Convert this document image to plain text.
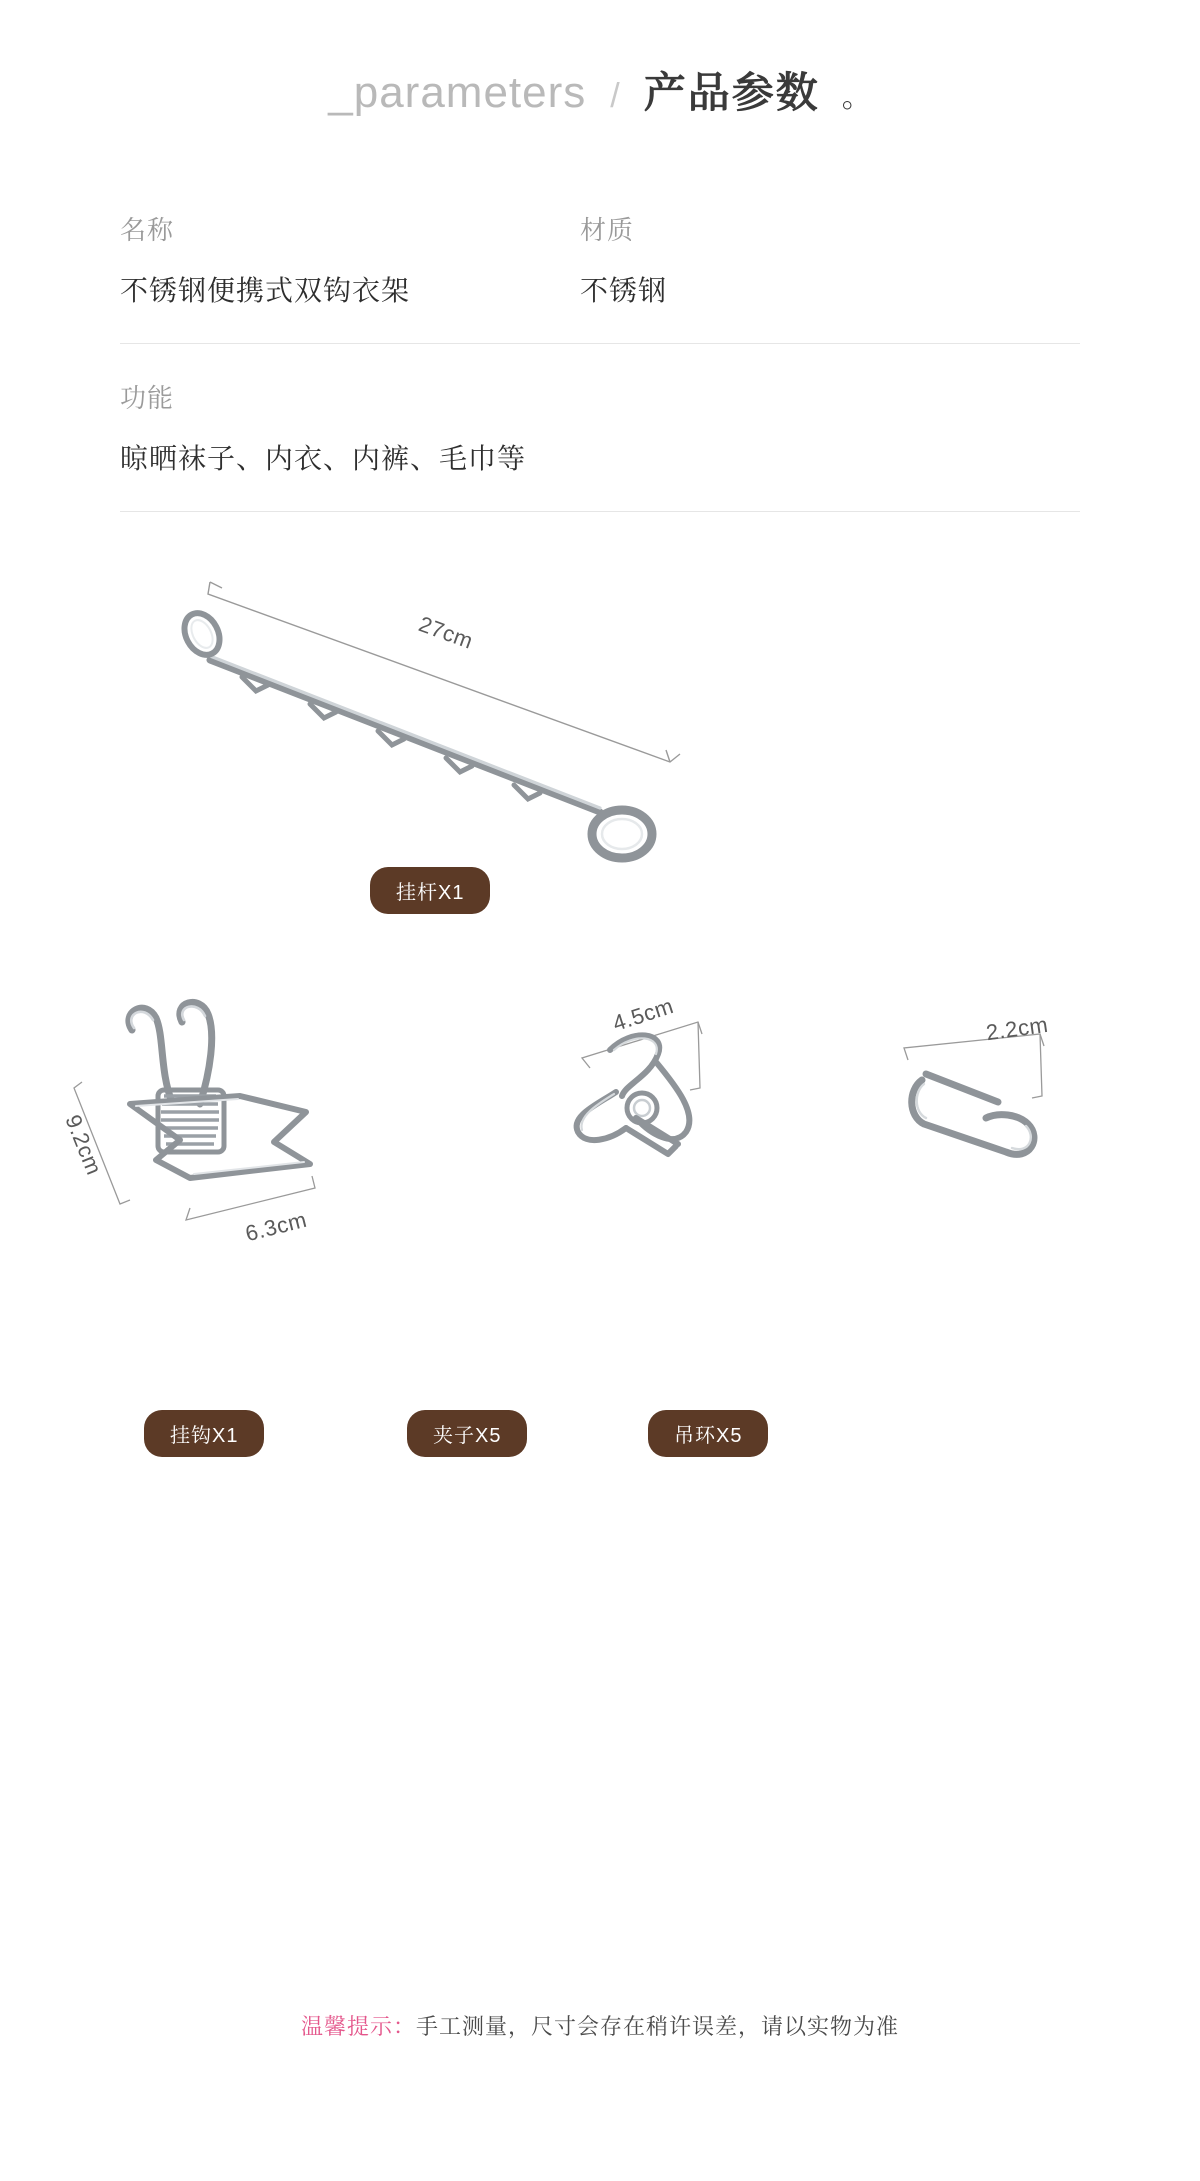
_parameters / 产品参数 。
名称
不锈钢便携式双钩衣架
材质
不锈钢
功能
晾晒袜子、内衣、内裤、毛巾等
27cm
挂杆X1
9.2cm
6.3cm
挂钩X1
4.5cm
夹子X5
2.2cm
吊环X5
温馨提示：手工测量，尺寸会存在稍许误差，请以实物为准
